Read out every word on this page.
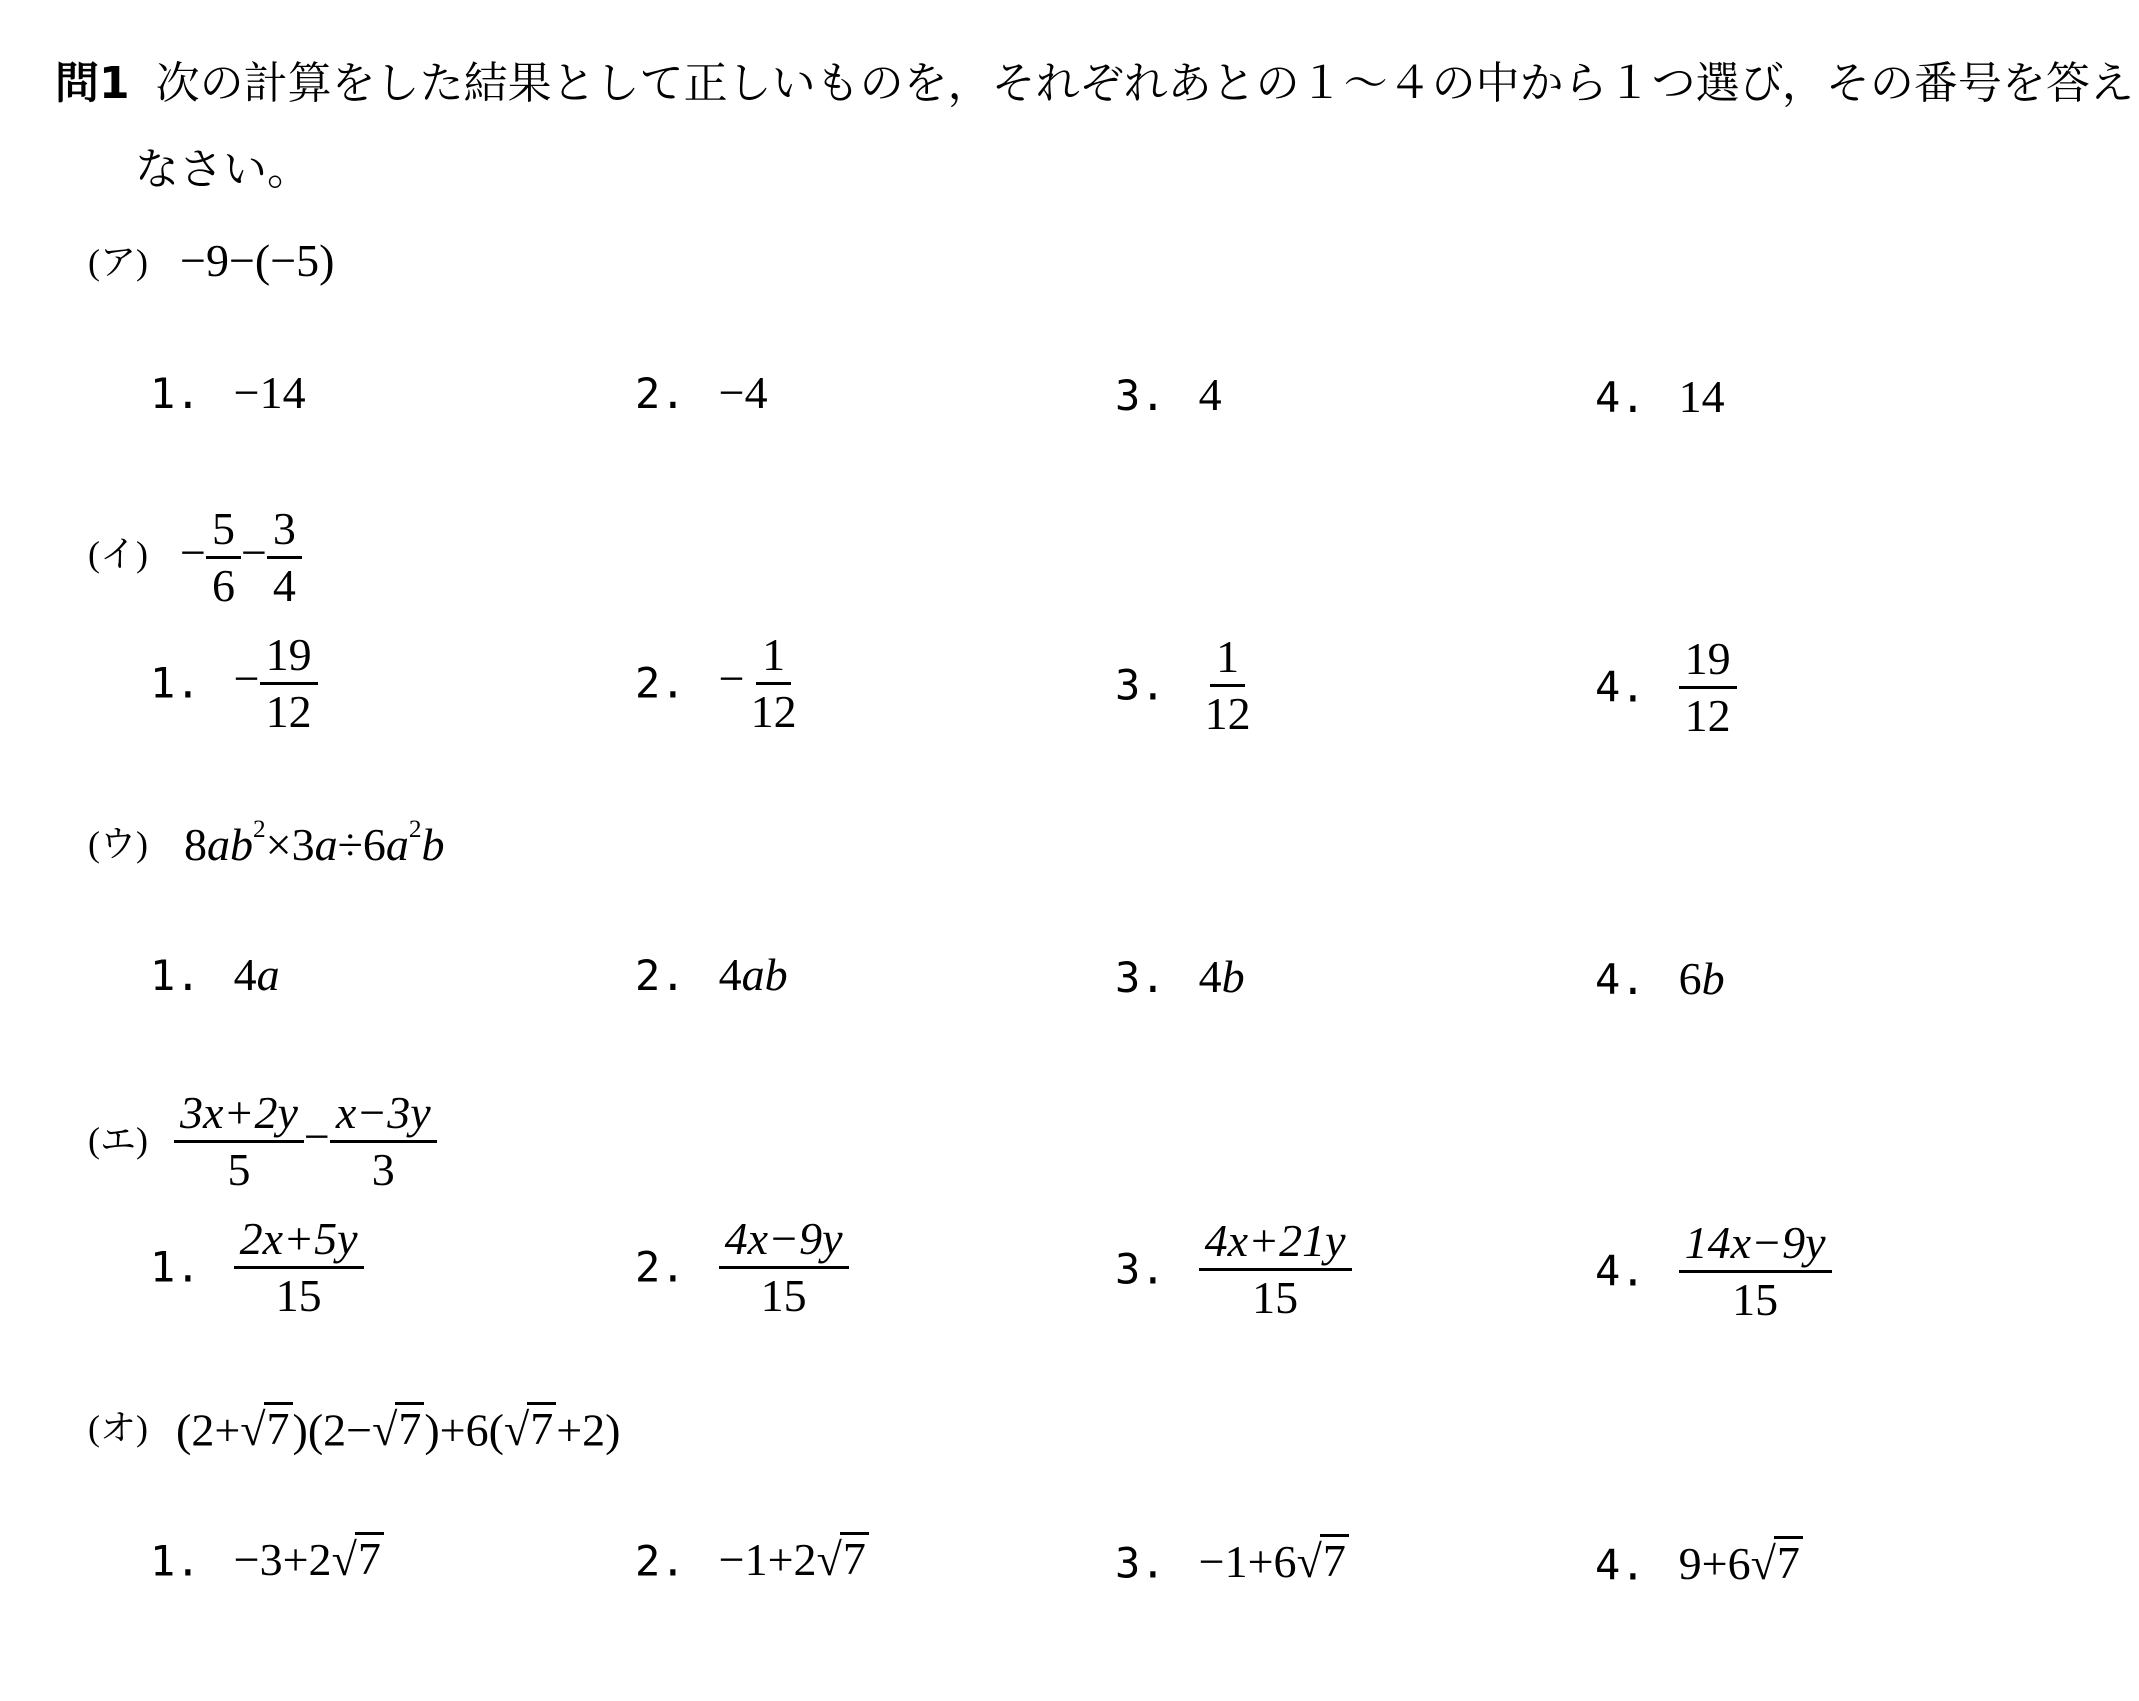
問1 次の計算をした結果として正しいものを，それぞれあとの１～４の中から１つ選び，その番号を答え
なさい。
(ア) −9−(−5)
1. −14	2. −4	3. 4	4. 14
(イ) − $\frac{5}{6} - \frac{3}{4}$
1. − $\frac{19}{12}$	2. − $\frac{1}{12}$	3. $\frac{1}{12}$	4. $\frac{19}{12}$
(ウ) $8ab^2\times 3a\div 6a^2b$
1. 4a	2. 4ab	3. 4b	4. 6b
(エ) $\frac{3x+2y}{5} - \frac{x-3y}{3}$
1. $\frac{2x+5y}{15}$	2. $\frac{4x-9y}{15}$	3. $\frac{4x+21y}{15}$	4. $\frac{14x-9y}{15}$
(オ) (2+ √ 7 )(2− √ 7 )+6( √ 7 +2)
1. −3+2 √ 7	2. −1+2 √ 7	3. −1+6 √ 7	4. 9+6 √ 7
